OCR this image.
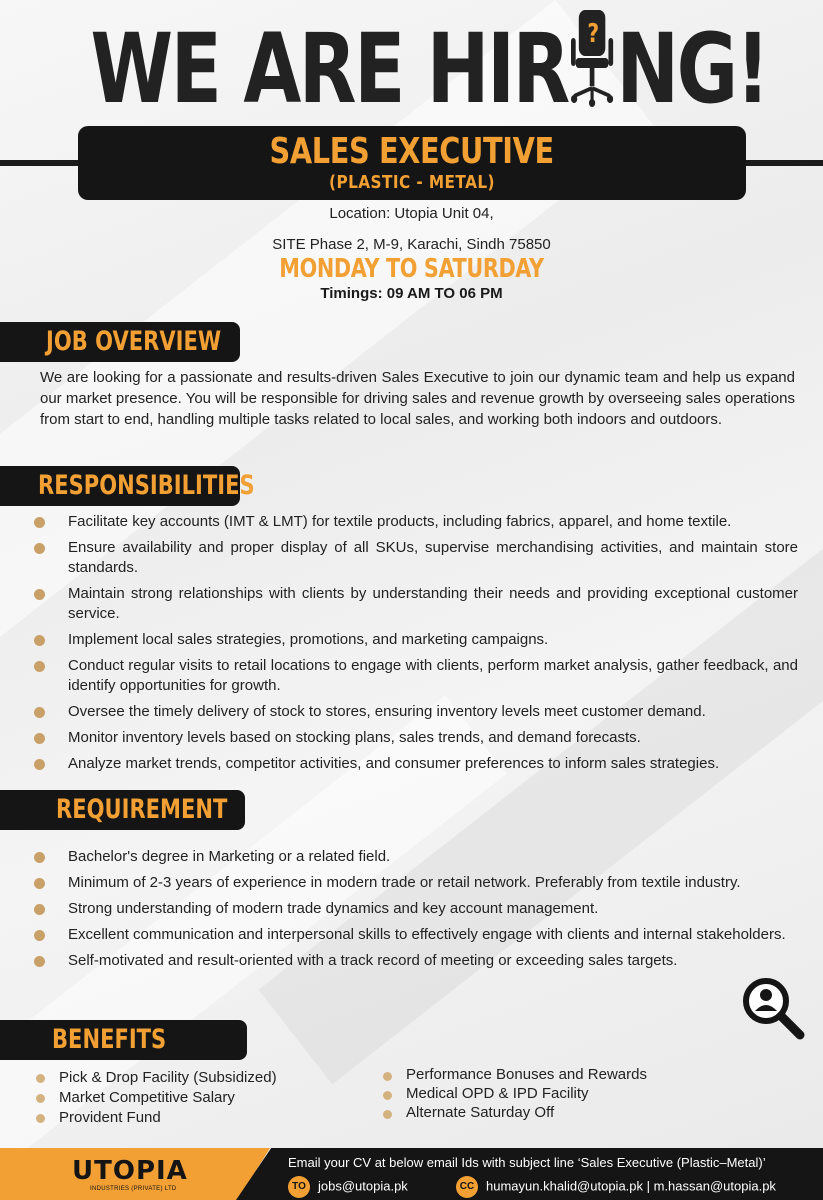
WE ARE HIR ? NG!
SALES EXECUTIVE
(PLASTIC - METAL)
Location: Utopia Unit 04,
SITE Phase 2, M-9, Karachi, Sindh 75850
MONDAY TO SATURDAY
Timings: 09 AM TO 06 PM
JOB OVERVIEW
We are looking for a passionate and results-driven Sales Executive to join our dynamic team and help us expand our market presence. You will be responsible for driving sales and revenue growth by overseeing sales operations from start to end, handling multiple tasks related to local sales, and working both indoors and outdoors.
RESPONSIBILITIES
Facilitate key accounts (IMT & LMT) for textile products, including fabrics, apparel, and home textile.
Ensure availability and proper display of all SKUs, supervise merchandising activities, and maintain store standards.
Maintain strong relationships with clients by understanding their needs and providing exceptional customer service.
Implement local sales strategies, promotions, and marketing campaigns.
Conduct regular visits to retail locations to engage with clients, perform market analysis, gather feedback, and identify opportunities for growth.
Oversee the timely delivery of stock to stores, ensuring inventory levels meet customer demand.
Monitor inventory levels based on stocking plans, sales trends, and demand forecasts.
Analyze market trends, competitor activities, and consumer preferences to inform sales strategies.
REQUIREMENT
Bachelor's degree in Marketing or a related field.
Minimum of 2-3 years of experience in modern trade or retail network. Preferably from textile industry.
Strong understanding of modern trade dynamics and key account management.
Excellent communication and interpersonal skills to effectively engage with clients and internal stakeholders.
Self-motivated and result-oriented with a track record of meeting or exceeding sales targets.
BENEFITS
Pick & Drop Facility (Subsidized)
Market Competitive Salary
Provident Fund
Performance Bonuses and Rewards
Medical OPD & IPD Facility
Alternate Saturday Off
UTOPIA
INDUSTRIES (PRIVATE) LTD
Email your CV at below email Ids with subject line ‘Sales Executive (Plastic–Metal)’
TO jobs@utopia.pk	CC humayun.khalid@utopia.pk | m.hassan@utopia.pk
